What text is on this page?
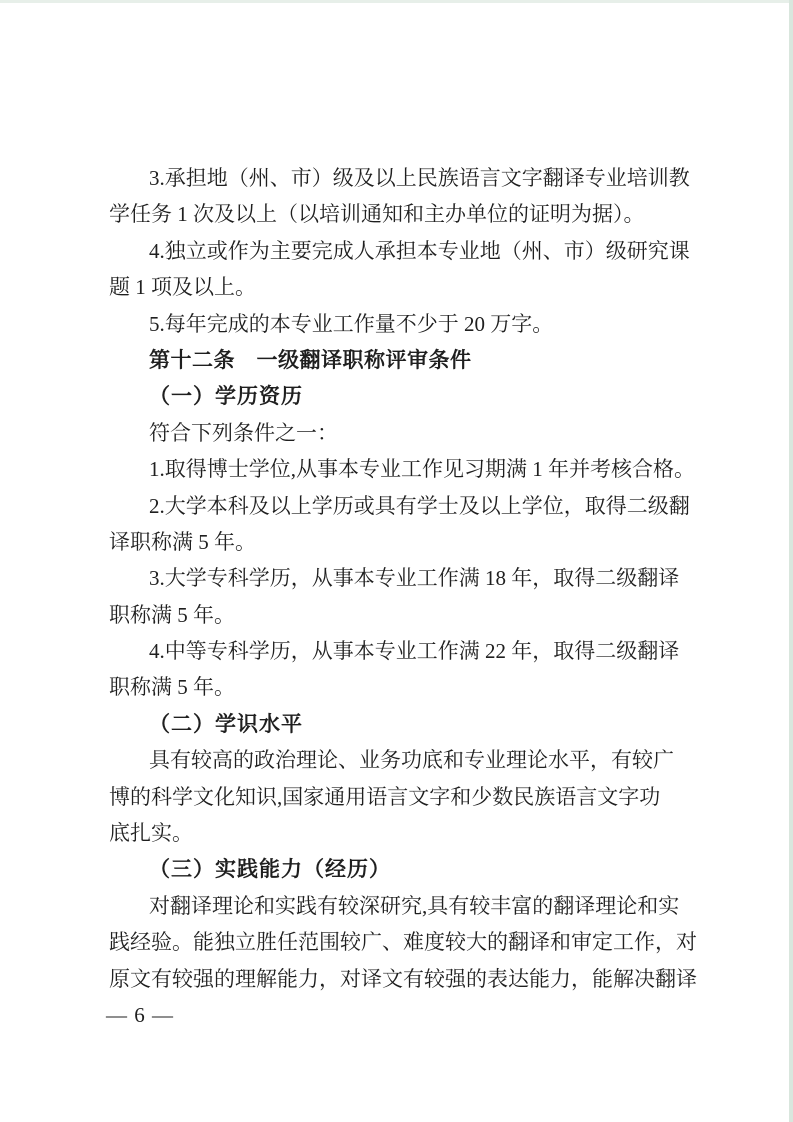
3.承担地（州、市）级及以上民族语言文字翻译专业培训教
学任务 1 次及以上（以培训通知和主办单位的证明为据）。
4.独立或作为主要完成人承担本专业地（州、市）级研究课
题 1 项及以上。
5.每年完成的本专业工作量不少于 20 万字。
第十二条　一级翻译职称评审条件
（一）学历资历
符合下列条件之一：
1.取得博士学位,从事本专业工作见习期满 1 年并考核合格。
2.大学本科及以上学历或具有学士及以上学位，取得二级翻
译职称满 5 年。
3.大学专科学历，从事本专业工作满 18 年，取得二级翻译
职称满 5 年。
4.中等专科学历，从事本专业工作满 22 年，取得二级翻译
职称满 5 年。
（二）学识水平
具有较高的政治理论、业务功底和专业理论水平，有较广
博的科学文化知识,国家通用语言文字和少数民族语言文字功
底扎实。
（三）实践能力（经历）
对翻译理论和实践有较深研究,具有较丰富的翻译理论和实
践经验。能独立胜任范围较广、难度较大的翻译和审定工作，对
原文有较强的理解能力，对译文有较强的表达能力，能解决翻译
— 6 —
